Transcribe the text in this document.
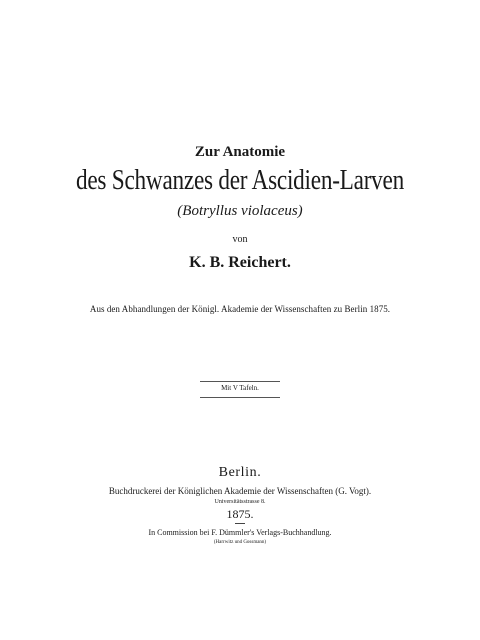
Zur Anatomie
des Schwanzes der Ascidien-Larven
(Botryllus violaceus)
von
K. B. Reichert.
Aus den Abhandlungen der Königl. Akademie der Wissenschaften zu Berlin 1875.
Mit V Tafeln.
Berlin.
Buchdruckerei der Königlichen Akademie der Wissenschaften (G. Vogt).
Universitätsstrasse 8.
1875.
In Commission bei F. Dümmler's Verlags-Buchhandlung.
(Harrwitz und Gossmann)
